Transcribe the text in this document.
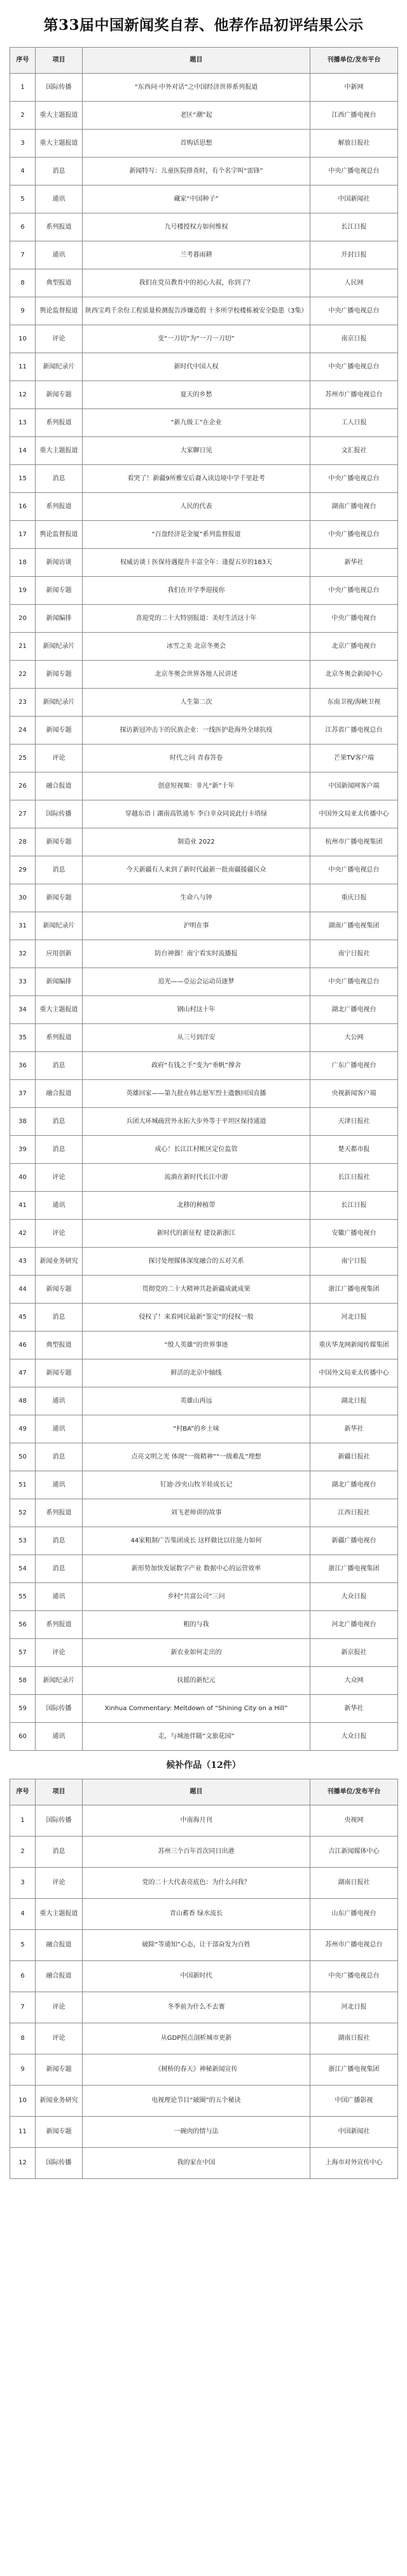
第33届中国新闻奖自荐、他荐作品初评结果公示
序号	项目	题目	刊播单位/发布平台
1	国际传播	“东西问·中外对话”之中国经济世界系列报道	中新网
2	重大主题报道	老区“潮”起	江西广播电视台
3	重大主题报道	首购话思想	解放日报社
4	消息	新闻特写：儿童医院排查时，有个名字叫“雷锋”	中央广播电视总台
5	通讯	藏家“中国种子”	中国新闻社
6	系列报道	九号楼授权方如何维权	长江日报
7	通讯	兰考暮雨耕	开封日报
8	典型报道	我们在党员教育中的初心大叔，你到了？	人民网
9	舆论监督报道	陕西宝鸡千余份工程质量检测报告涉嫌造假 十多所学校楼栋被安全隐患（3集）	中央广播电视总台
10	评论	变“一刀切”为“一刀一刀切”	南京日报
11	新闻纪录片	新时代中国人权	中央广播电视总台
12	新闻专题	夏天的乡愁	苏州市广播电视总台
13	系列报道	“新九级工”在企业	工人日报
14	重大主题报道	大家聊日见	文汇报社
15	消息	看哭了！新疆9所雅安后裔入读边境中学千里赴考	中央广播电视总台
16	系列报道	人民的代表	湖南广播电视台
17	舆论监督报道	“百盘经济是金厦”系列监督报道	中央广播电视总台
18	新闻访谈	权威访谈丨医保待遇提升丰富全年：逢提五岁的183天	新华社
19	新闻专题	我们在开学季迎接你	中央广播电视总台
20	新闻编排	喜迎党的二十大特别报道：美好生活这十年	中央广播电视台
21	新闻纪录片	冰雪之美 北京冬奥会	北京广播电视台
22	新闻专题	北京冬奥会世界各地人民讲述	北京冬奥会新闻中心
23	新闻纪录片	人生第二次	东南卫视/海峡卫视
24	新闻专题	探访新冠冲击下的民族企业：一线医护赴海外全球抗疫	江苏省广播电视总台
25	评论	时代之问 青春答卷	芒果TV客户端
26	融合报道	创意短视频：非凡“新”十年	中国新闻网客户端
27	国际传播	穿越东语丨湖南高铁通车 李白幸众同说此行卡塔绿	中国外文局亚太传播中心
28	新闻专题	制造业 2022	杭州市广播电视集团
29	消息	今天新疆有人来到了新时代最新一批南疆援疆民众	中央广播电视总台
30	新闻专题	生命八与钟	重庆日报
31	新闻纪录片	沪明在事	湖南广播电视集团
32	应用创新	防台神器！南宁看实时流播报	南宁日报社
33	新闻编排	追光——亞运会运动员逐梦	中央广播电视总台
34	重大主题报道	钢山村这十年	湖北广播电视台
35	系列报道	从三号到洋安	大公网
36	消息	政府“有钱之手”变为“垂帆”撑舍	广东广播电视台
37	融合报道	英雄回家——第九批在韩志愿军烈士遗骸回国直播	央视新闻客户端
38	消息	兵团大环城疏营外永拓大步外等于平坦区保持通道	天津日报社
39	消息	成心！长江江村帐区定位监管	楚天都市报
40	评论	流淌在新时代长江中游	长江日报社
41	通讯	北移的种植带	长江日报
42	评论	新时代的新征程 建设新浙江	安徽广播电视台
43	新闻业务研究	探讨处理媒体深度融合的五对关系	南宁日报
44	新闻专题	贯彻党的二十大精神共赴新疆成就成果	浙江广播电视集团
45	消息	侵权了！来看网民最新“鉴定”的侵权一般	河北日报
46	典型报道	“殷人英雄”的世界事迹	重庆华龙网新闻传媒集团
47	新闻专题	鲜活的北京中轴线	中国外文局亚太传播中心
48	通讯	英雄山再远	湖北日报
49	通讯	“村BA”的乡土味	新华社
50	消息	点亮文明之光 体现“一级精神”“一级难乱”理想	新疆日报社
51	通讯	钉迪·沙夹山牧羊娃成长记	湖北广播电视台
52	系列报道	刘飞老师讲的故事	江西日报社
53	消息	44家粗制广告集团成长 这样做比以往能力如何	新疆广播电视台
54	消息	新形势加快发展数字产业 数据中心的运营效率	浙江广播电视集团
55	通讯	乡村“共富公司”三问	大众日报
56	系列报道	粗的与我	河北广播电视台
57	评论	新农业如何走出的	新京报社
58	新闻纪录片	扶摇的新纪元	大众网
59	国际传播	Xinhua Commentary: Meltdown of “Shining City on a Hill”	新华社
60	通讯	走，与城池伴随“文旅花园”	大众日报
候补作品（12件）
序号	项目	题目	刊播单位/发布平台
1	国际传播	中南海月刊	央视网
2	消息	苏州三个百年首次同日出港	吉江新闻媒体中心
3	评论	党的二十大代表亮底色：为什么问我？	湖南日报社
4	重大主题报道	青山蓄香 绿水流长	山东广播电视台
5	融合报道	破除“等通知”心态，让干部奋发为百姓	苏州市广播电视总台
6	融合报道	中国新时代	中央广播电视总台
7	评论	冬季前为什么不去赛	河北日报
8	评论	从GDP拐点剖析城市更新	湖南日报社
9	新闻专题	《树桥的春天》神秘新闻宣传	浙江广播电视集团
10	新闻业务研究	电视理论节目“破圈”的五个秘诀	中国广播影视
11	新闻专题	一碗肉的情与法	中国新闻社
12	国际传播	我的家在中国	上海市对外宣传中心
